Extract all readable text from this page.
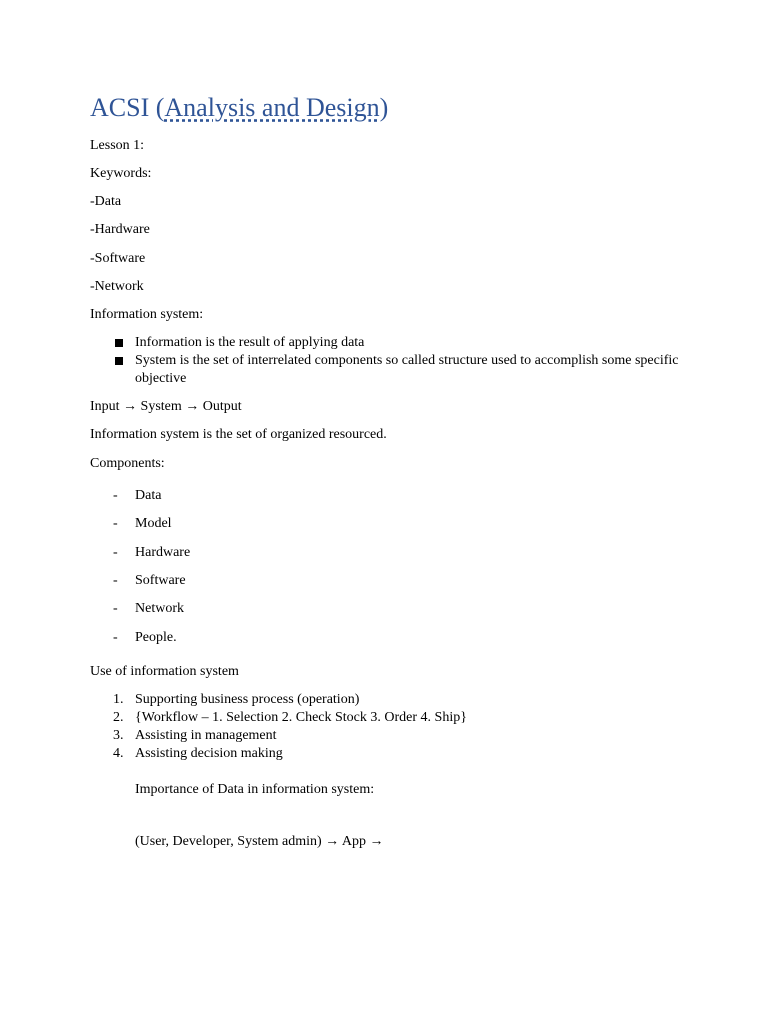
ACSI (Analysis and Design)
Lesson 1:
Keywords:
-Data
-Hardware
-Software
-Network
Information system:
Information is the result of applying data
System is the set of interrelated components so called structure used to accomplish some specific objective
Input → System → Output
Information system is the set of organized resourced.
Components:
- Data
- Model
- Hardware
- Software
- Network
- People.
Use of information system
1. Supporting business process (operation)
2. {Workflow – 1. Selection 2. Check Stock 3. Order 4. Ship}
3. Assisting in management
4. Assisting decision making
Importance of Data in information system:
(User, Developer, System admin) → App →
